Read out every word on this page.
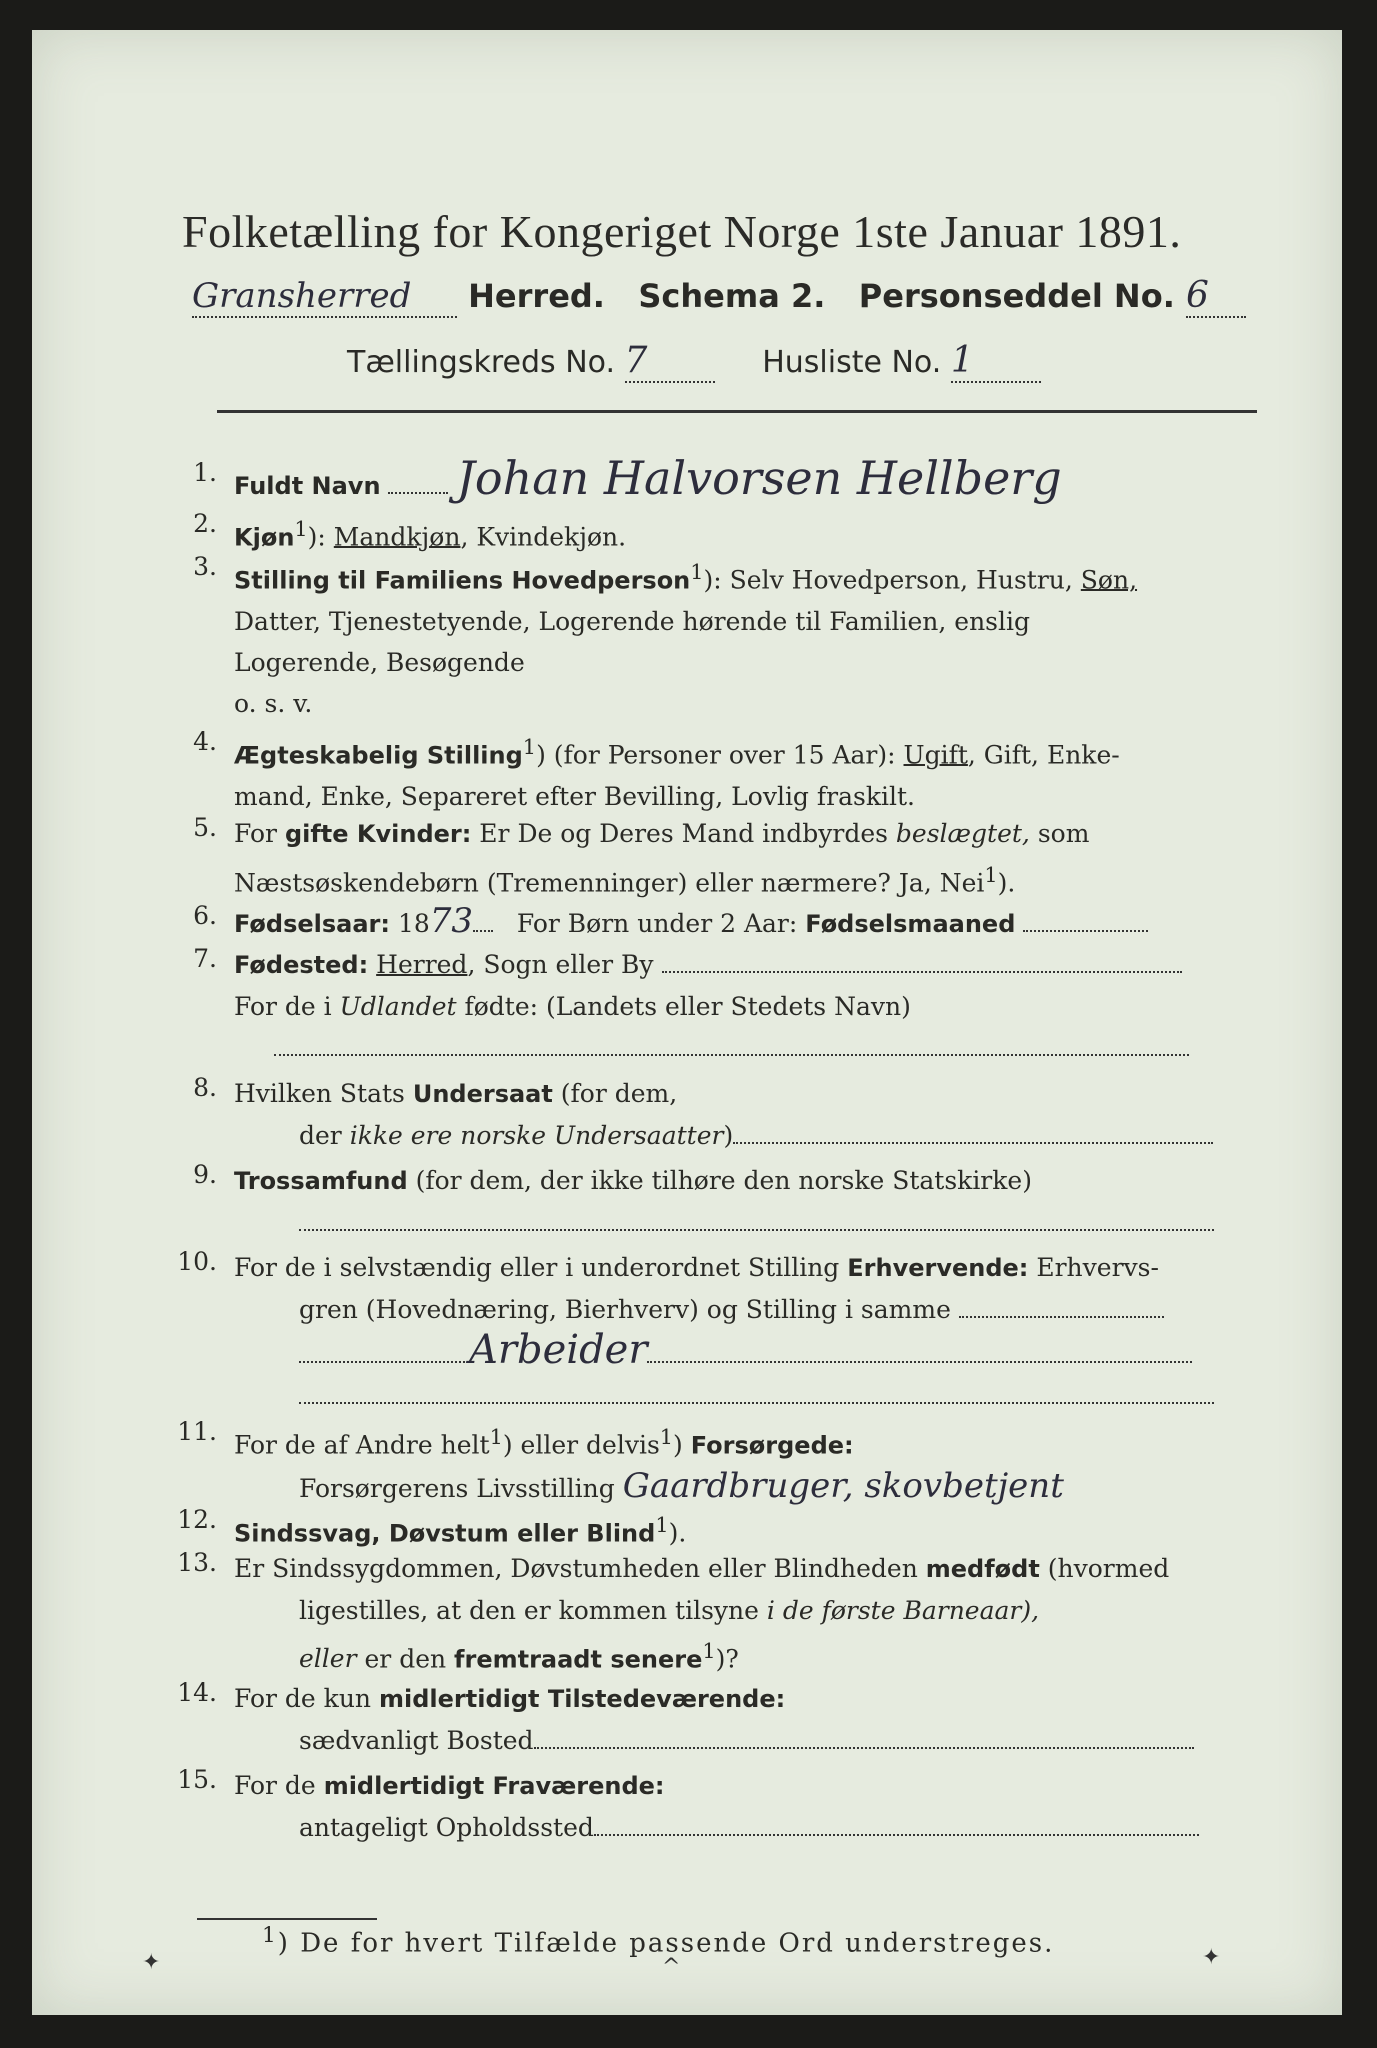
Folketælling for Kongeriget Norge 1ste Januar 1891.
Gransherred Herred. Schema 2. Personseddel No. 6
Tællingskreds No. 7	Husliste No. 1
1. Fuldt Navn Johan Halvorsen Hellberg
2. Kjøn$^1$): Mandkjøn, Kvindekjøn.
3. Stilling til Familiens Hovedperson$^1$): Selv Hovedperson, Hustru, Søn,
Datter, Tjenestetyende, Logerende hørende til Familien, enslig
Logerende, Besøgende
o. s. v.
4. Ægteskabelig Stilling$^1$) (for Personer over 15 Aar): Ugift, Gift, Enke-
mand, Enke, Separeret efter Bevilling, Lovlig fraskilt.
5. For gifte Kvinder: Er De og Deres Mand indbyrdes beslægtet, som
Næstsøskendebørn (Tremenninger) eller nærmere? Ja, Nei$^1$).
6. Fødselsaar: 1873 For Børn under 2 Aar: Fødselsmaaned
7. Fødested: Herred, Sogn eller By
For de i Udlandet fødte: (Landets eller Stedets Navn)

8. Hvilken Stats Undersaat (for dem,
der ikke ere norske Undersaatter)
9. Trossamfund (for dem, der ikke tilhøre den norske Statskirke)

10. For de i selvstændig eller i underordnet Stilling Erhvervende: Erhvervs-
gren (Hovednæring, Bierhverv) og Stilling i samme
Arbeider

11. For de af Andre helt$^1$) eller delvis$^1$) Forsørgede:
Forsørgerens Livsstilling Gaardbruger, skovbetjent
12. Sindssvag, Døvstum eller Blind$^1$).
13. Er Sindssygdommen, Døvstumheden eller Blindheden medfødt (hvormed
ligestilles, at den er kommen tilsyne i de første Barneaar),
eller er den fremtraadt senere$^1$)?
14. For de kun midlertidigt Tilstedeværende:
sædvanligt Bosted
15. For de midlertidigt Fraværende:
antageligt Opholdssted
$^1$) De for hvert Tilfælde passende Ord understreges.
✦	^	✦
